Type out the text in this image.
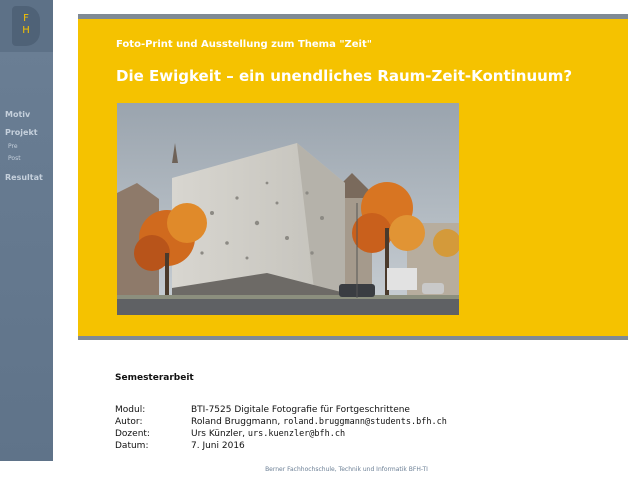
F
H
Motiv
Projekt
Pre
Post
Resultat
Foto-Print und Ausstellung zum Thema "Zeit"
Die Ewigkeit – ein unendliches Raum-Zeit-Kontinuum?
Semesterarbeit
Modul:	BTI-7525 Digitale Fotografie für Fortgeschrittene
Autor:	Roland Bruggmann, roland.bruggmann@students.bfh.ch
Dozent:	Urs Künzler, urs.kuenzler@bfh.ch
Datum:	7. Juni 2016
Berner Fachhochschule, Technik und Informatik BFH-TI
